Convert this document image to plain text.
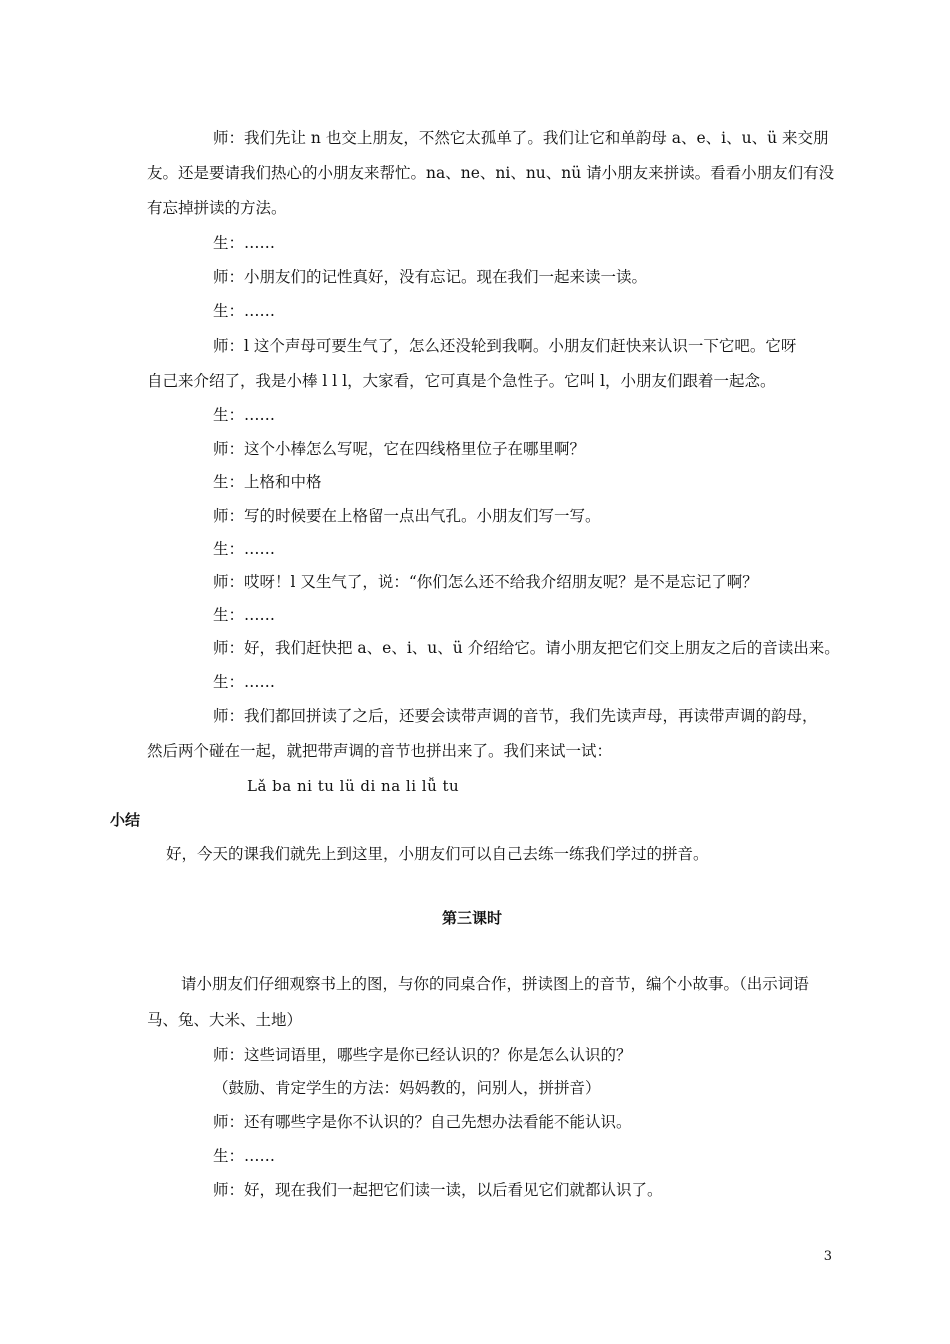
师：我们先让 n 也交上朋友，不然它太孤单了。我们让它和单韵母 a、e、i、u、ü 来交朋
友。还是要请我们热心的小朋友来帮忙。na、ne、ni、nu、nü 请小朋友来拼读。看看小朋友们有没
有忘掉拼读的方法。
生：……
师：小朋友们的记性真好，没有忘记。现在我们一起来读一读。
生：……
师：l 这个声母可要生气了，怎么还没轮到我啊。小朋友们赶快来认识一下它吧。它呀
自己来介绍了，我是小棒 l l l，大家看，它可真是个急性子。它叫 l，小朋友们跟着一起念。
生：……
师：这个小棒怎么写呢，它在四线格里位子在哪里啊？
生：上格和中格
师：写的时候要在上格留一点出气孔。小朋友们写一写。
生：……
师：哎呀！l 又生气了，说：“你们怎么还不给我介绍朋友呢？是不是忘记了啊？
生：……
师：好，我们赶快把 a、e、i、u、ü 介绍给它。请小朋友把它们交上朋友之后的音读出来。
生：……
师：我们都回拼读了之后，还要会读带声调的音节，我们先读声母，再读带声调的韵母，
然后两个碰在一起，就把带声调的音节也拼出来了。我们来试一试：
Lǎ ba ni tu lü di na li lǚ tu
小结
好，今天的课我们就先上到这里，小朋友们可以自己去练一练我们学过的拼音。
第三课时
请小朋友们仔细观察书上的图，与你的同桌合作，拼读图上的音节，编个小故事。（出示词语
马、兔、大米、土地）
师：这些词语里，哪些字是你已经认识的？你是怎么认识的？
（鼓励、肯定学生的方法：妈妈教的，问别人，拼拼音）
师：还有哪些字是你不认识的？自己先想办法看能不能认识。
生：……
师：好，现在我们一起把它们读一读，以后看见它们就都认识了。
3
